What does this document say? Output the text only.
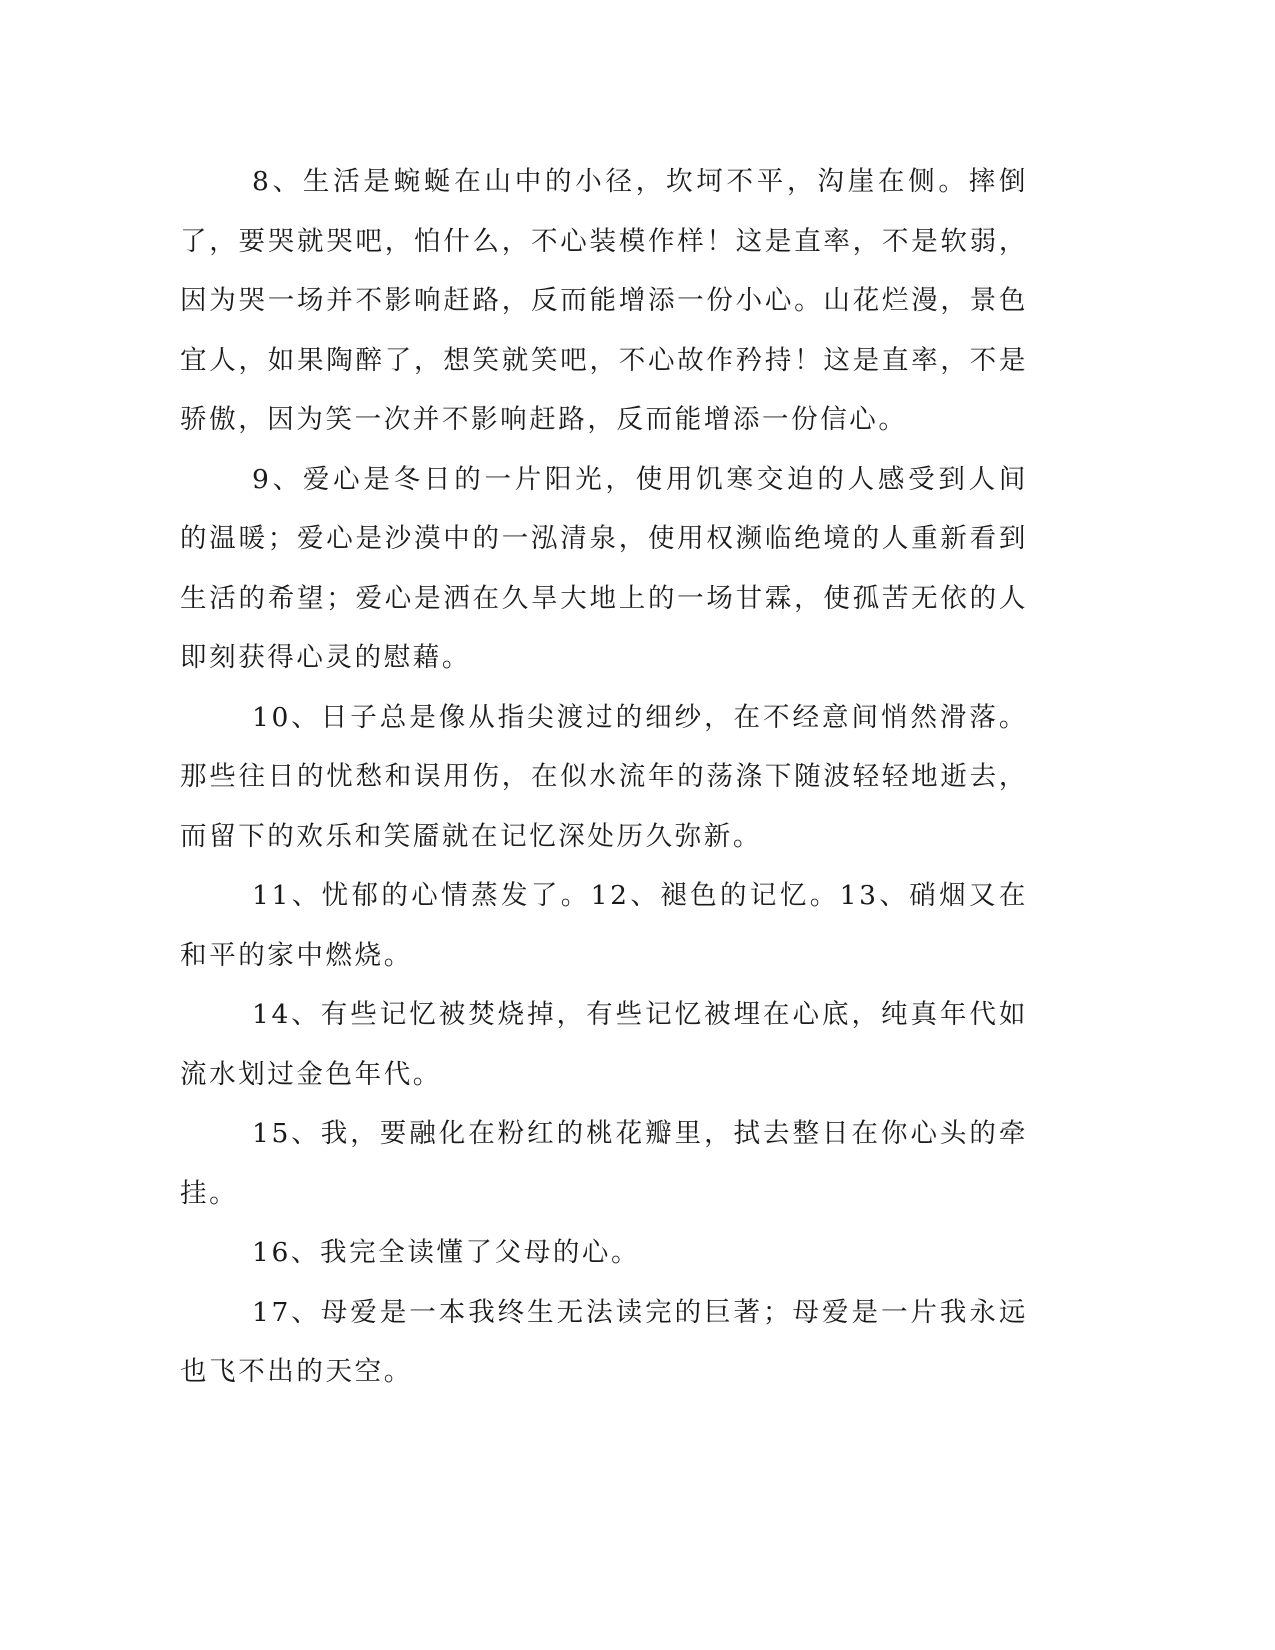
8、生活是蜿蜒在山中的小径，坎坷不平，沟崖在侧。摔倒了，要哭就哭吧，怕什么，不心装模作样！这是直率，不是软弱，因为哭一场并不影响赶路，反而能增添一份小心。山花烂漫，景色宜人，如果陶醉了，想笑就笑吧，不心故作矜持！这是直率，不是骄傲，因为笑一次并不影响赶路，反而能增添一份信心。

9、爱心是冬日的一片阳光，使用饥寒交迫的人感受到人间的温暖；爱心是沙漠中的一泓清泉，使用权濒临绝境的人重新看到生活的希望；爱心是洒在久旱大地上的一场甘霖，使孤苦无依的人即刻获得心灵的慰藉。

10、日子总是像从指尖渡过的细纱，在不经意间悄然滑落。那些往日的忧愁和误用伤，在似水流年的荡涤下随波轻轻地逝去，而留下的欢乐和笑靥就在记忆深处历久弥新。

11、忧郁的心情蒸发了。12、褪色的记忆。13、硝烟又在和平的家中燃烧。

14、有些记忆被焚烧掉，有些记忆被埋在心底，纯真年代如流水划过金色年代。

15、我，要融化在粉红的桃花瓣里，拭去整日在你心头的牵挂。

16、我完全读懂了父母的心。

17、母爱是一本我终生无法读完的巨著；母爱是一片我永远也飞不出的天空。
